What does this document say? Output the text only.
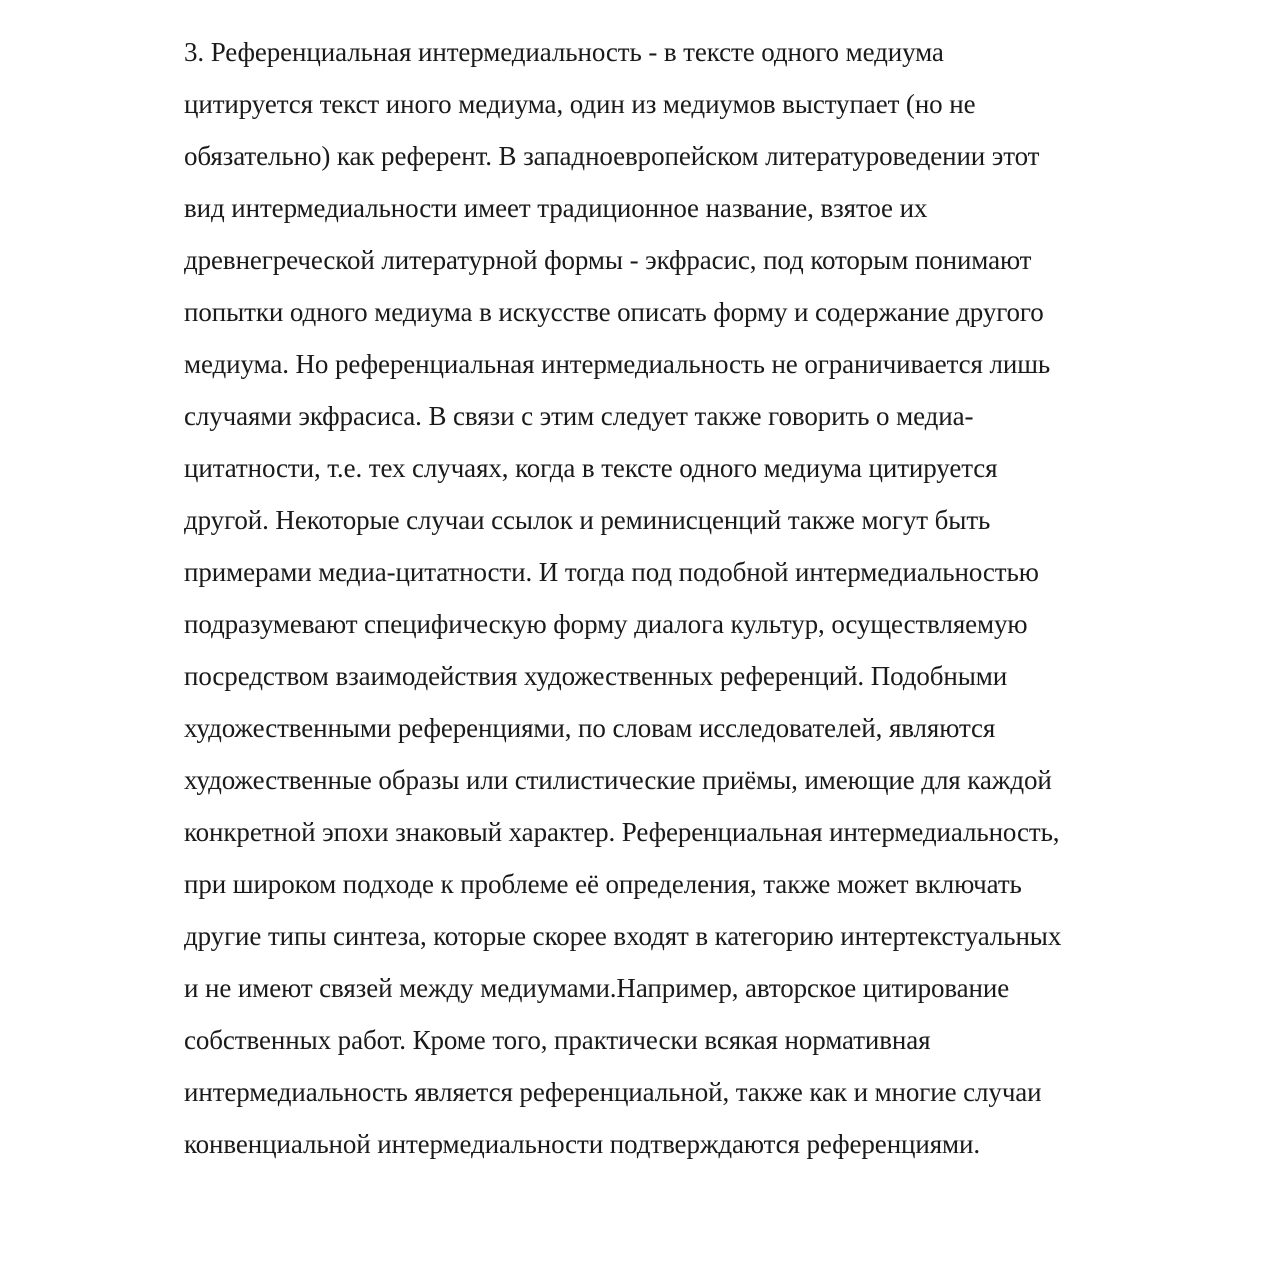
3. Референциальная интермедиальность - в тексте одного медиума
цитируется текст иного медиума, один из медиумов выступает (но не
обязательно) как референт. В западноевропейском литературоведении этот
вид интермедиальности имеет традиционное название, взятое их
древнегреческой литературной формы - экфрасис, под которым понимают
попытки одного медиума в искусстве описать форму и содержание другого
медиума. Но референциальная интермедиальность не ограничивается лишь
случаями экфрасиса. В связи с этим следует также говорить о медиа-
цитатности, т.е. тех случаях, когда в тексте одного медиума цитируется
другой. Некоторые случаи ссылок и реминисценций также могут быть
примерами медиа-цитатности. И тогда под подобной интермедиальностью
подразумевают специфическую форму диалога культур, осуществляемую
посредством взаимодействия художественных референций. Подобными
художественными референциями, по словам исследователей, являются
художественные образы или стилистические приёмы, имеющие для каждой
конкретной эпохи знаковый характер. Референциальная интермедиальность,
при широком подходе к проблеме её определения, также может включать
другие типы синтеза, которые скорее входят в категорию интертекстуальных
и не имеют связей между медиумами.Например, авторское цитирование
собственных работ. Кроме того, практически всякая нормативная
интермедиальность является референциальной, также как и многие случаи
конвенциальной интермедиальности подтверждаются референциями.
